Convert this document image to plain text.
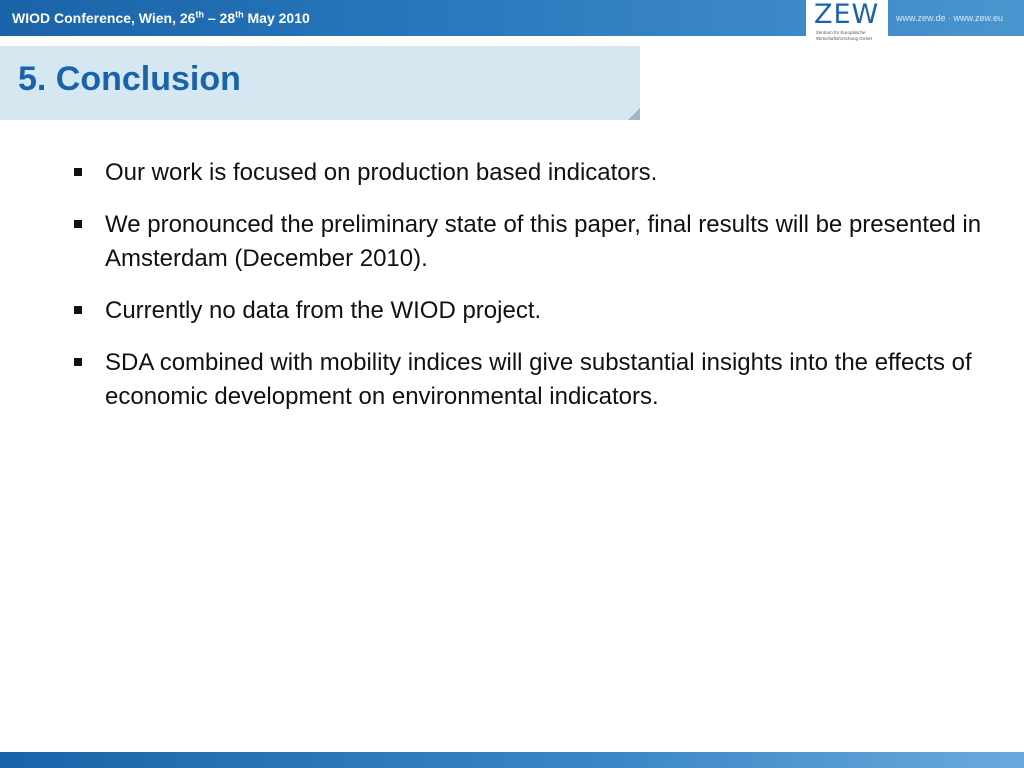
WIOD Conference, Wien, 26th – 28th May 2010	www.zew.de · www.zew.eu
ZEW
Zentrum für Europäische Wirtschaftsforschung GmbH
5. Conclusion
Our work is focused on production based indicators.
We pronounced the preliminary state of this paper, final results will be presented in Amsterdam (December 2010).
Currently no data from the WIOD project.
SDA combined with mobility indices will give substantial insights into the effects of economic development on environmental indicators.
